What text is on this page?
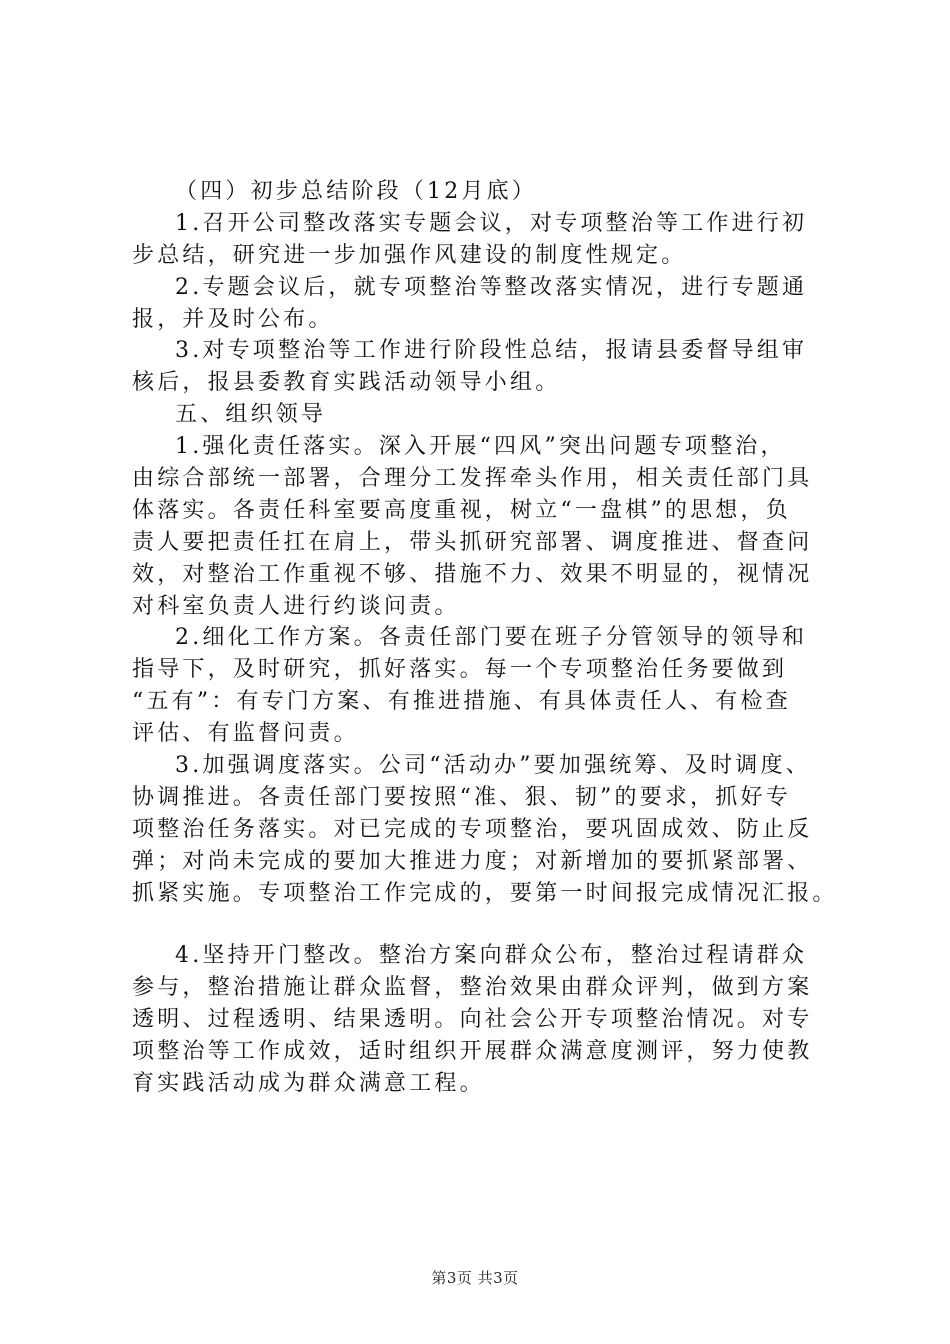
（四）初步总结阶段（12月底）
1.召开公司整改落实专题会议，对专项整治等工作进行初
步总结，研究进一步加强作风建设的制度性规定。
2.专题会议后，就专项整治等整改落实情况，进行专题通
报，并及时公布。
3.对专项整治等工作进行阶段性总结，报请县委督导组审
核后，报县委教育实践活动领导小组。
五、组织领导
1.强化责任落实。深入开展“四风”突出问题专项整治，
由综合部统一部署，合理分工发挥牵头作用，相关责任部门具
体落实。各责任科室要高度重视，树立“一盘棋”的思想，负
责人要把责任扛在肩上，带头抓研究部署、调度推进、督查问
效，对整治工作重视不够、措施不力、效果不明显的，视情况
对科室负责人进行约谈问责。
2.细化工作方案。各责任部门要在班子分管领导的领导和
指导下，及时研究，抓好落实。每一个专项整治任务要做到
“五有”：有专门方案、有推进措施、有具体责任人、有检查
评估、有监督问责。
3.加强调度落实。公司“活动办”要加强统筹、及时调度、
协调推进。各责任部门要按照“准、狠、韧”的要求，抓好专
项整治任务落实。对已完成的专项整治，要巩固成效、防止反
弹；对尚未完成的要加大推进力度；对新增加的要抓紧部署、
抓紧实施。专项整治工作完成的，要第一时间报完成情况汇报。
4.坚持开门整改。整治方案向群众公布，整治过程请群众
参与，整治措施让群众监督，整治效果由群众评判，做到方案
透明、过程透明、结果透明。向社会公开专项整治情况。对专
项整治等工作成效，适时组织开展群众满意度测评，努力使教
育实践活动成为群众满意工程。
第3页 共3页
